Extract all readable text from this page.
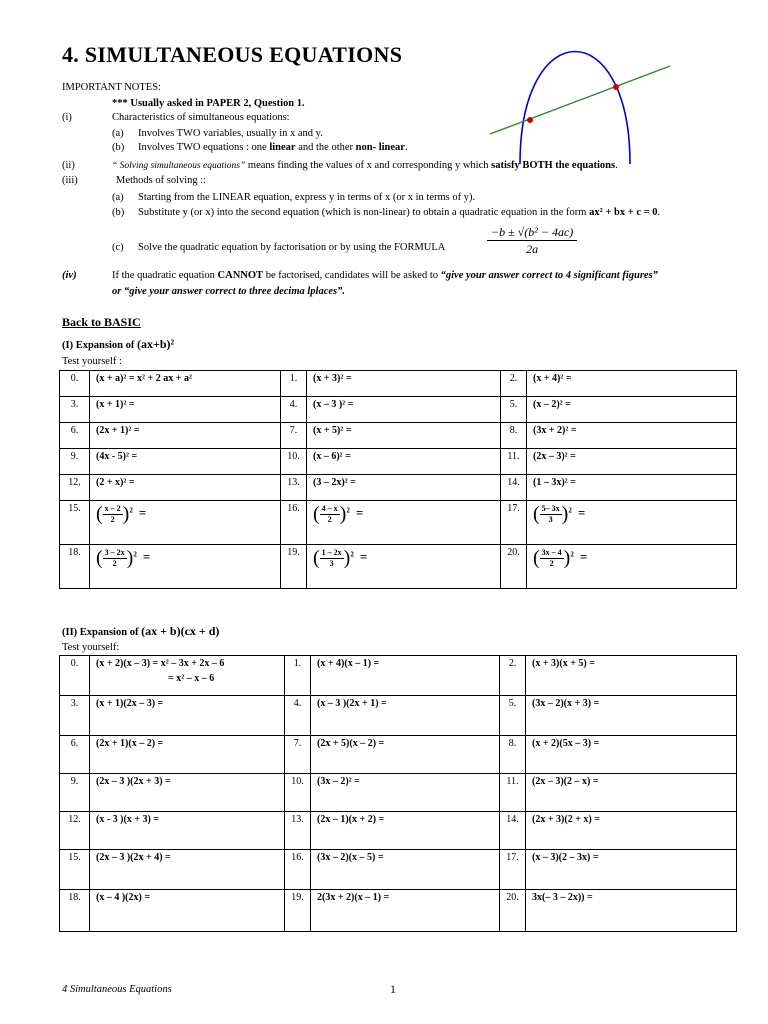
4. SIMULTANEOUS EQUATIONS
IMPORTANT NOTES:
*** Usually asked in PAPER 2, Question 1.
(i)	Characteristics of simultaneous equations:
(a) Involves TWO variables, usually in x and y.
(b) Involves TWO equations : one linear and the other non- linear.
(ii)	“ Solving simultaneous equations” means finding the values of x and corresponding y which satisfy BOTH the equations.
(iii)	Methods of solving ::
(a) Starting from the LINEAR equation, express y in terms of x (or x in terms of y).
(b) Substitute y (or x) into the second equation (which is non-linear) to obtain a quadratic equation in the form ax² + bx + c = 0.
(c) Solve the quadratic equation by factorisation or by using the FORMULA	$\frac{\text{−b ± √(b² − 4ac)}}{2a}$
(iv)	If the quadratic equation CANNOT be factorised, candidates will be asked to “give your answer correct to 4 significant figures”
or “give your answer correct to three decima lplaces”.
Back to BASIC
(I) Expansion of (ax+b)²
Test yourself :
0.	(x + a)² = x² + 2 ax + a²	1.	(x + 3)² =	2.	(x + 4)² =
3.	(x + 1)² =	4.	(x – 3 )² =	5.	(x – 2)² =
6.	(2x + 1)² =	7.	(x + 5)² =	8.	(3x + 2)² =
9.	(4x - 5)² =	10.	(x – 6)² =	11.	(2x – 3)² =
12.	(2 + x)² =	13.	(3 – 2x)² =	14.	(1 – 3x)² =
15.	( $\frac{x - 2}{2})^2$ =	16.	( $\frac{4 - x}{2})^2$ =	17.	( $\frac{5- 3x}{3})^2$ =
18.	( $\frac{3 - 2x}{2})^2$ =	19.	( $\frac{1 - 2x}{3})^2$ =	20.	( $\frac{3x - 4}{2})^2$ =
(II) Expansion of (ax + b)(cx + d)
Test yourself:
0.	(x + 2)(x – 3) = x² – 3x + 2x – 6
= x² – x – 6	1.	(x + 4)(x – 1) =	2.	(x + 3)(x + 5) =

3.	(x + 1)(2x – 3) =	4.	(x – 3 )(2x + 1) =	5.	(3x – 2)(x + 3) =

6.	(2x + 1)(x – 2) =	7.	(2x + 5)(x – 2) =	8.	(x + 2)(5x – 3) =

9.	(2x – 3 )(2x + 3) =	10.	(3x – 2)² =	11.	(2x – 3)(2 – x) =

12.	(x - 3 )(x + 3) =	13.	(2x – 1)(x + 2) =	14.	(2x + 3)(2 + x) =

15.	(2x – 3 )(2x + 4) =	16.	(3x – 2)(x – 5) =	17.	(x – 3)(2 – 3x) =

18.	(x – 4 )(2x) =	19.	2(3x + 2)(x – 1) =	20.	3x(– 3 – 2x)) =
4 Simultaneous Equations	1
